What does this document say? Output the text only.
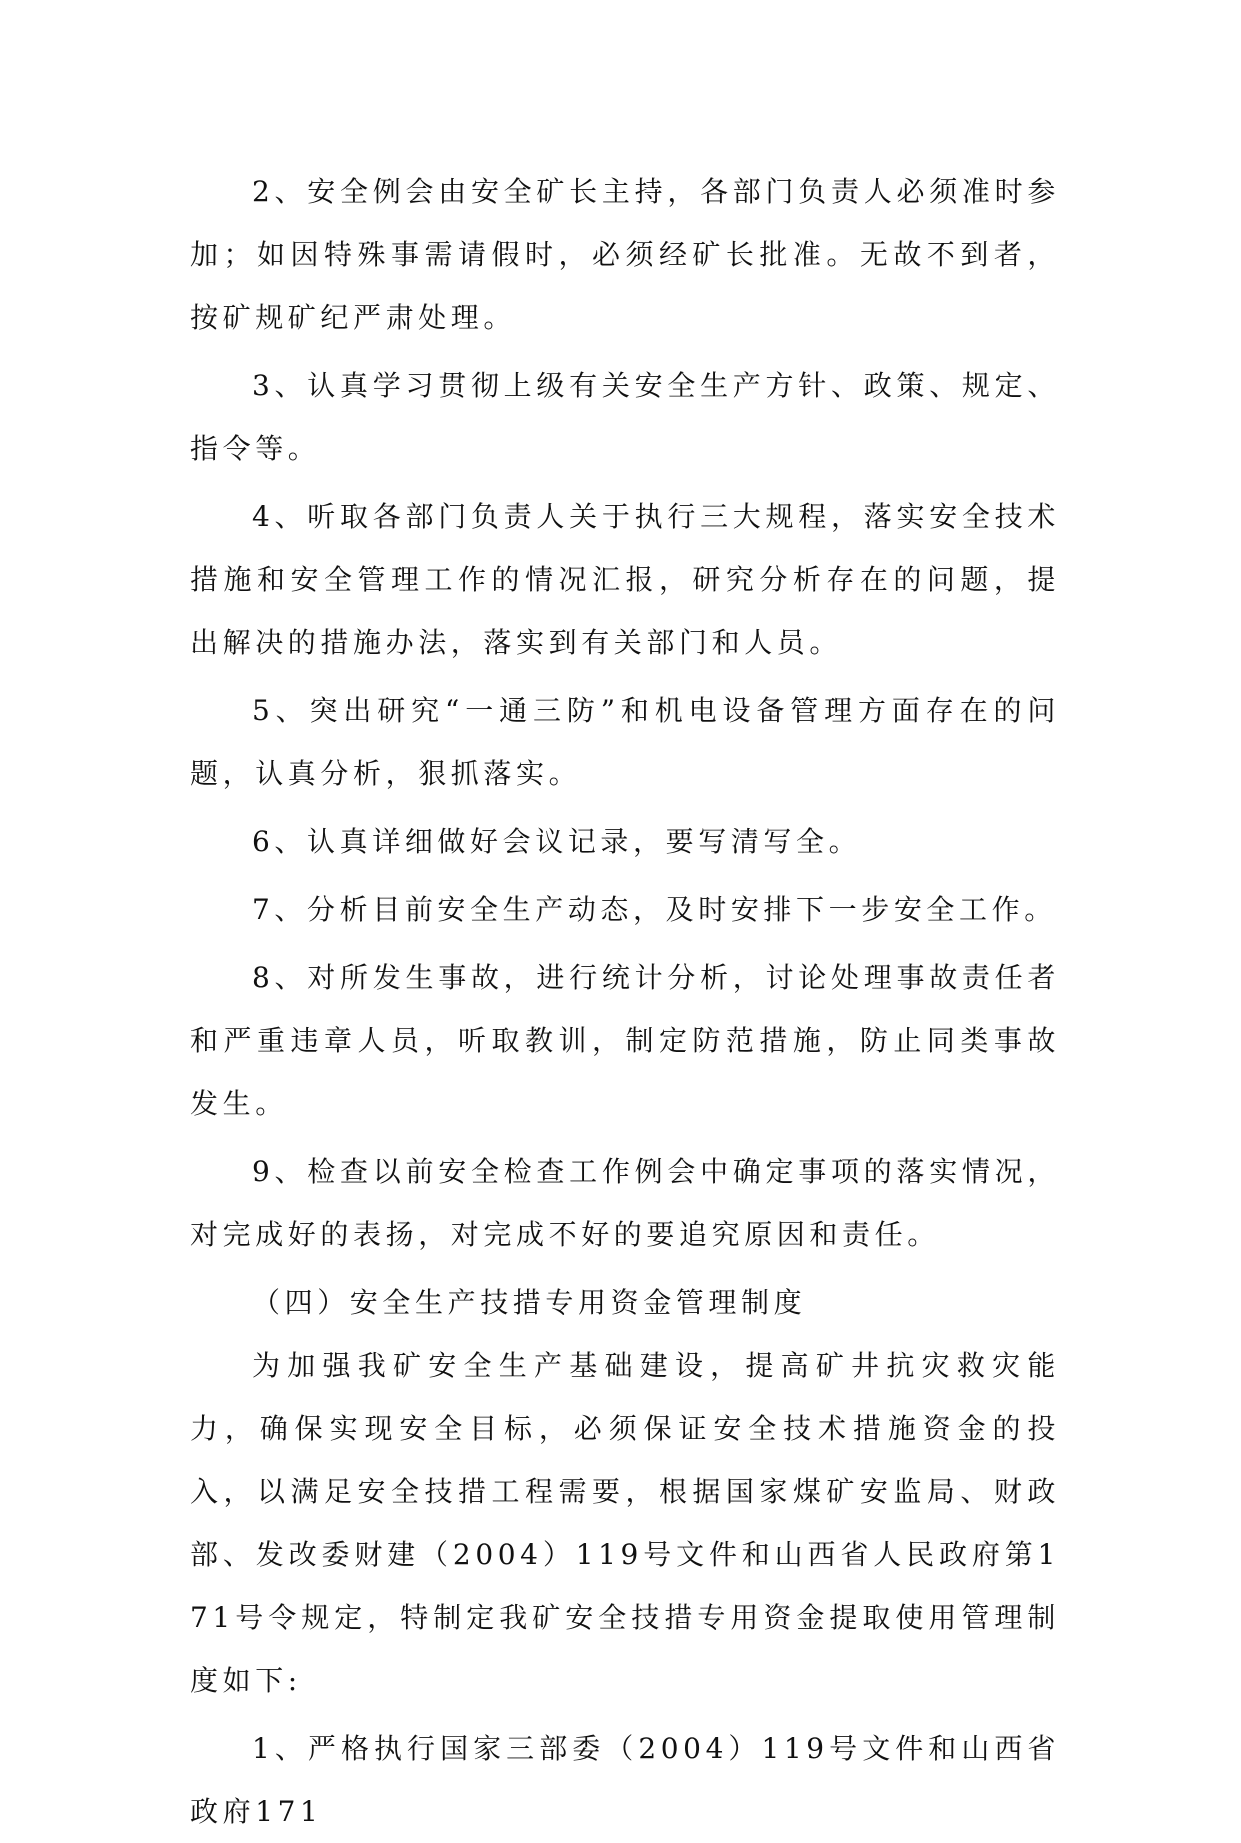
2、安全例会由安全矿长主持，各部门负责人必须准时参加；如因特殊事需请假时，必须经矿长批准。无故不到者，按矿规矿纪严肃处理。

3、认真学习贯彻上级有关安全生产方针、政策、规定、指令等。

4、听取各部门负责人关于执行三大规程，落实安全技术措施和安全管理工作的情况汇报，研究分析存在的问题，提出解决的措施办法，落实到有关部门和人员。

5、突出研究“一通三防”和机电设备管理方面存在的问题，认真分析，狠抓落实。

6、认真详细做好会议记录，要写清写全。

7、分析目前安全生产动态，及时安排下一步安全工作。

8、对所发生事故，进行统计分析，讨论处理事故责任者和严重违章人员，听取教训，制定防范措施，防止同类事故发生。

9、检查以前安全检查工作例会中确定事项的落实情况，对完成好的表扬，对完成不好的要追究原因和责任。

（四）安全生产技措专用资金管理制度

为加强我矿安全生产基础建设，提高矿井抗灾救灾能力，确保实现安全目标，必须保证安全技术措施资金的投入，以满足安全技措工程需要，根据国家煤矿安监局、财政部、发改委财建（2004）119号文件和山西省人民政府第171号令规定，特制定我矿安全技措专用资金提取使用管理制度如下:

1、严格执行国家三部委（2004）119号文件和山西省政府171
